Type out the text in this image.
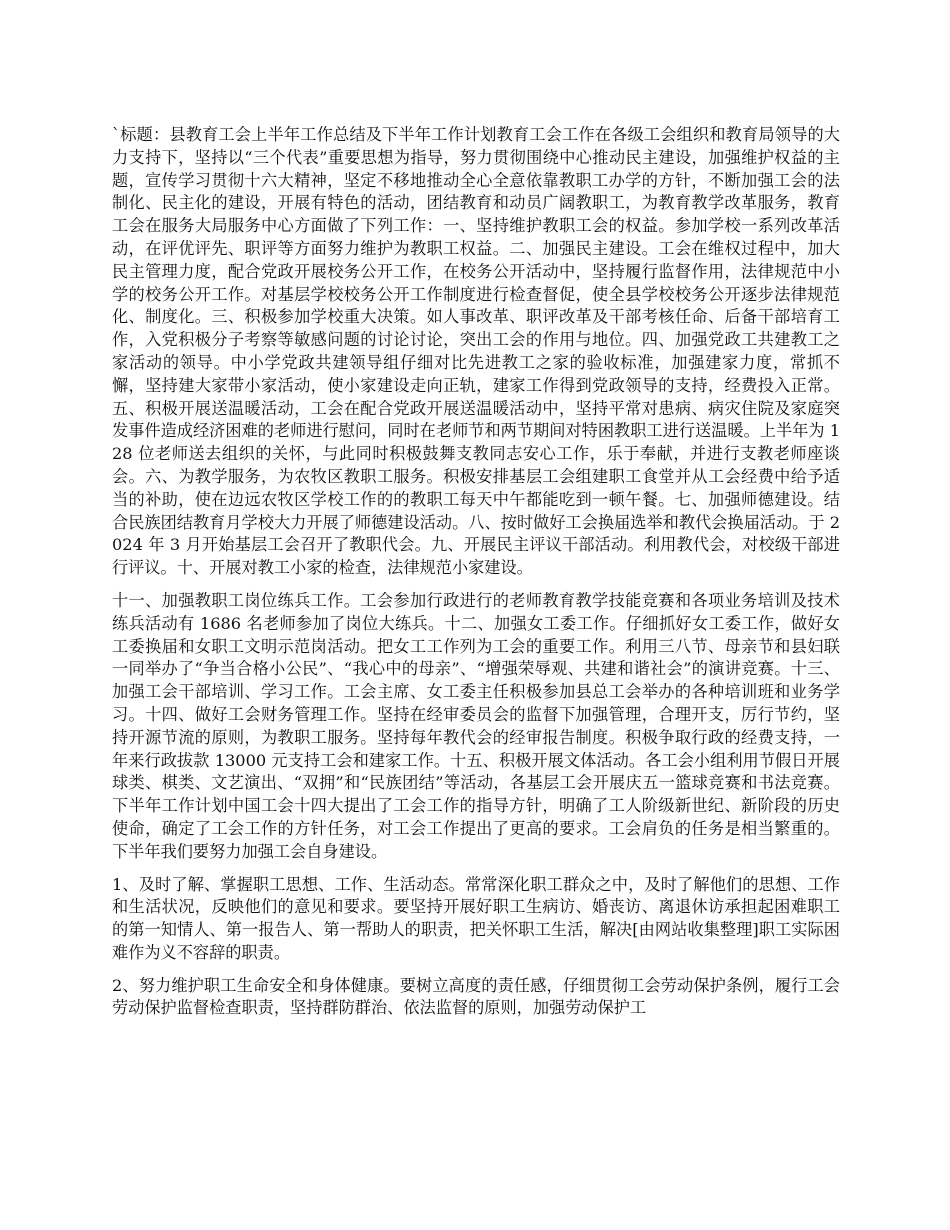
`标题：县教育工会上半年工作总结及下半年工作计划教育工会工作在各级工会组织和教育局领导的大力支持下，坚持以“三个代表”重要思想为指导，努力贯彻围绕中心推动民主建设，加强维护权益的主题，宣传学习贯彻十六大精神，坚定不移地推动全心全意依靠教职工办学的方针，不断加强工会的法制化、民主化的建设，开展有特色的活动，团结教育和动员广阔教职工，为教育教学改革服务，教育工会在服务大局服务中心方面做了下列工作：一、坚持维护教职工会的权益。参加学校一系列改革活动，在评优评先、职评等方面努力维护为教职工权益。二、加强民主建设。工会在维权过程中，加大民主管理力度，配合党政开展校务公开工作，在校务公开活动中，坚持履行监督作用，法律规范中小学的校务公开工作。对基层学校校务公开工作制度进行检查督促，使全县学校校务公开逐步法律规范化、制度化。三、积极参加学校重大决策。如人事改革、职评改革及干部考核任命、后备干部培育工作，入党积极分子考察等敏感问题的讨论讨论，突出工会的作用与地位。四、加强党政工共建教工之家活动的领导。中小学党政共建领导组仔细对比先进教工之家的验收标准，加强建家力度，常抓不懈，坚持建大家带小家活动，使小家建设走向正轨，建家工作得到党政领导的支持，经费投入正常。五、积极开展送温暖活动，工会在配合党政开展送温暖活动中，坚持平常对患病、病灾住院及家庭突发事件造成经济困难的老师进行慰问，同时在老师节和两节期间对特困教职工进行送温暖。上半年为 128 位老师送去组织的关怀，与此同时积极鼓舞支教同志安心工作，乐于奉献，并进行支教老师座谈会。六、为教学服务，为农牧区教职工服务。积极安排基层工会组建职工食堂并从工会经费中给予适当的补助，使在边远农牧区学校工作的的教职工每天中午都能吃到一顿午餐。七、加强师德建设。结合民族团结教育月学校大力开展了师德建设活动。八、按时做好工会换届选举和教代会换届活动。于 2024 年 3 月开始基层工会召开了教职代会。九、开展民主评议干部活动。利用教代会，对校级干部进行评议。十、开展对教工小家的检查，法律规范小家建设。

十一、加强教职工岗位练兵工作。工会参加行政进行的老师教育教学技能竞赛和各项业务培训及技术练兵活动有 1686 名老师参加了岗位大练兵。十二、加强女工委工作。仔细抓好女工委工作，做好女工委换届和女职工文明示范岗活动。把女工工作列为工会的重要工作。利用三八节、母亲节和县妇联一同举办了“争当合格小公民”、“我心中的母亲”、“增强荣辱观、共建和谐社会”的演讲竞赛。十三、加强工会干部培训、学习工作。工会主席、女工委主任积极参加县总工会举办的各种培训班和业务学习。十四、做好工会财务管理工作。坚持在经审委员会的监督下加强管理，合理开支，厉行节约，坚持开源节流的原则，为教职工服务。坚持每年教代会的经审报告制度。积极争取行政的经费支持，一年来行政拔款 13000 元支持工会和建家工作。十五、积极开展文体活动。各工会小组利用节假日开展球类、棋类、文艺演出、“双拥”和“民族团结”等活动，各基层工会开展庆五一篮球竞赛和书法竞赛。下半年工作计划中国工会十四大提出了工会工作的指导方针，明确了工人阶级新世纪、新阶段的历史使命，确定了工会工作的方针任务，对工会工作提出了更高的要求。工会肩负的任务是相当繁重的。下半年我们要努力加强工会自身建设。

1、及时了解、掌握职工思想、工作、生活动态。常常深化职工群众之中，及时了解他们的思想、工作和生活状况，反映他们的意见和要求。要坚持开展好职工生病访、婚丧访、离退休访承担起困难职工的第一知情人、第一报告人、第一帮助人的职责，把关怀职工生活，解决[由网站收集整理]职工实际困难作为义不容辞的职责。

2、努力维护职工生命安全和身体健康。要树立高度的责任感，仔细贯彻工会劳动保护条例，履行工会劳动保护监督检查职责，坚持群防群治、依法监督的原则，加强劳动保护工
